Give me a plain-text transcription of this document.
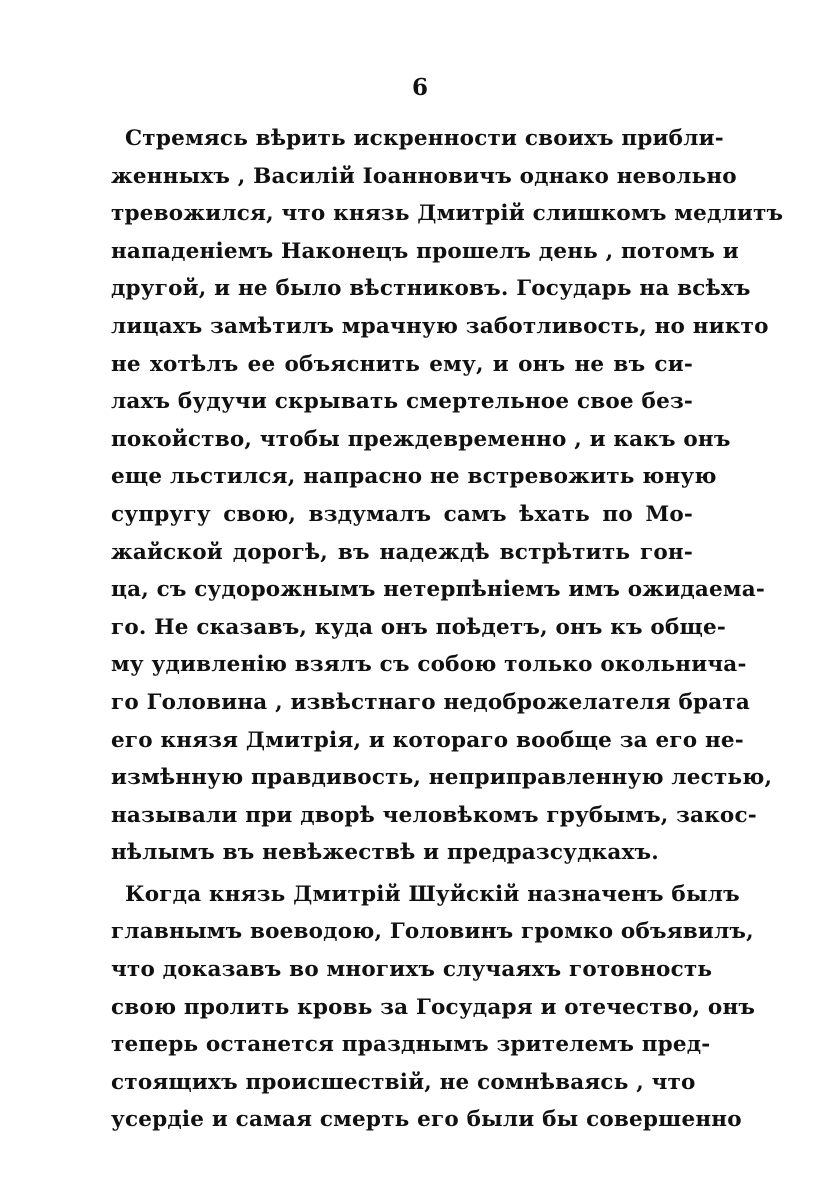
6
Стремясь вѣрить искренности своихъ прибли-
женныхъ , Василій Іоанновичъ однако невольно
тревожился, что князь Дмитрій слишкомъ медлитъ
нападеніемъ Наконецъ прошелъ день , потомъ и
другой, и не было вѣстниковъ. Государь на всѣхъ
лицахъ замѣтилъ мрачную заботливость, но никто
не хотѣлъ ее объяснить ему, и онъ не въ си-
лахъ будучи скрывать смертельное свое без-
покойство, чтобы преждевременно , и какъ онъ
еще льстился, напрасно не встревожить юную
супругу свою, вздумалъ самъ ѣхать по Мо-
жайской дорогѣ, въ надеждѣ встрѣтить гон-
ца, съ судорожнымъ нетерпѣніемъ имъ ожидаема-
го. Не сказавъ, куда онъ поѣдетъ, онъ къ обще-
му удивленію взялъ съ собою только окольнича-
го Головина , извѣстнаго недоброжелателя брата
его князя Дмитрія, и котораго вообще за его не-
измѣнную правдивость, неприправленную лестью,
называли при дворѣ человѣкомъ грубымъ, закос-
нѣлымъ въ невѣжествѣ и предразсудкахъ.
Когда князь Дмитрій Шуйскій назначенъ былъ
главнымъ воеводою, Головинъ громко объявилъ,
что доказавъ во многихъ случаяхъ готовность
свою пролить кровь за Государя и отечество, онъ
теперь останется празднымъ зрителемъ пред-
стоящихъ происшествій, не сомнѣваясь , что
усердіе и самая смерть его были бы совершенно
